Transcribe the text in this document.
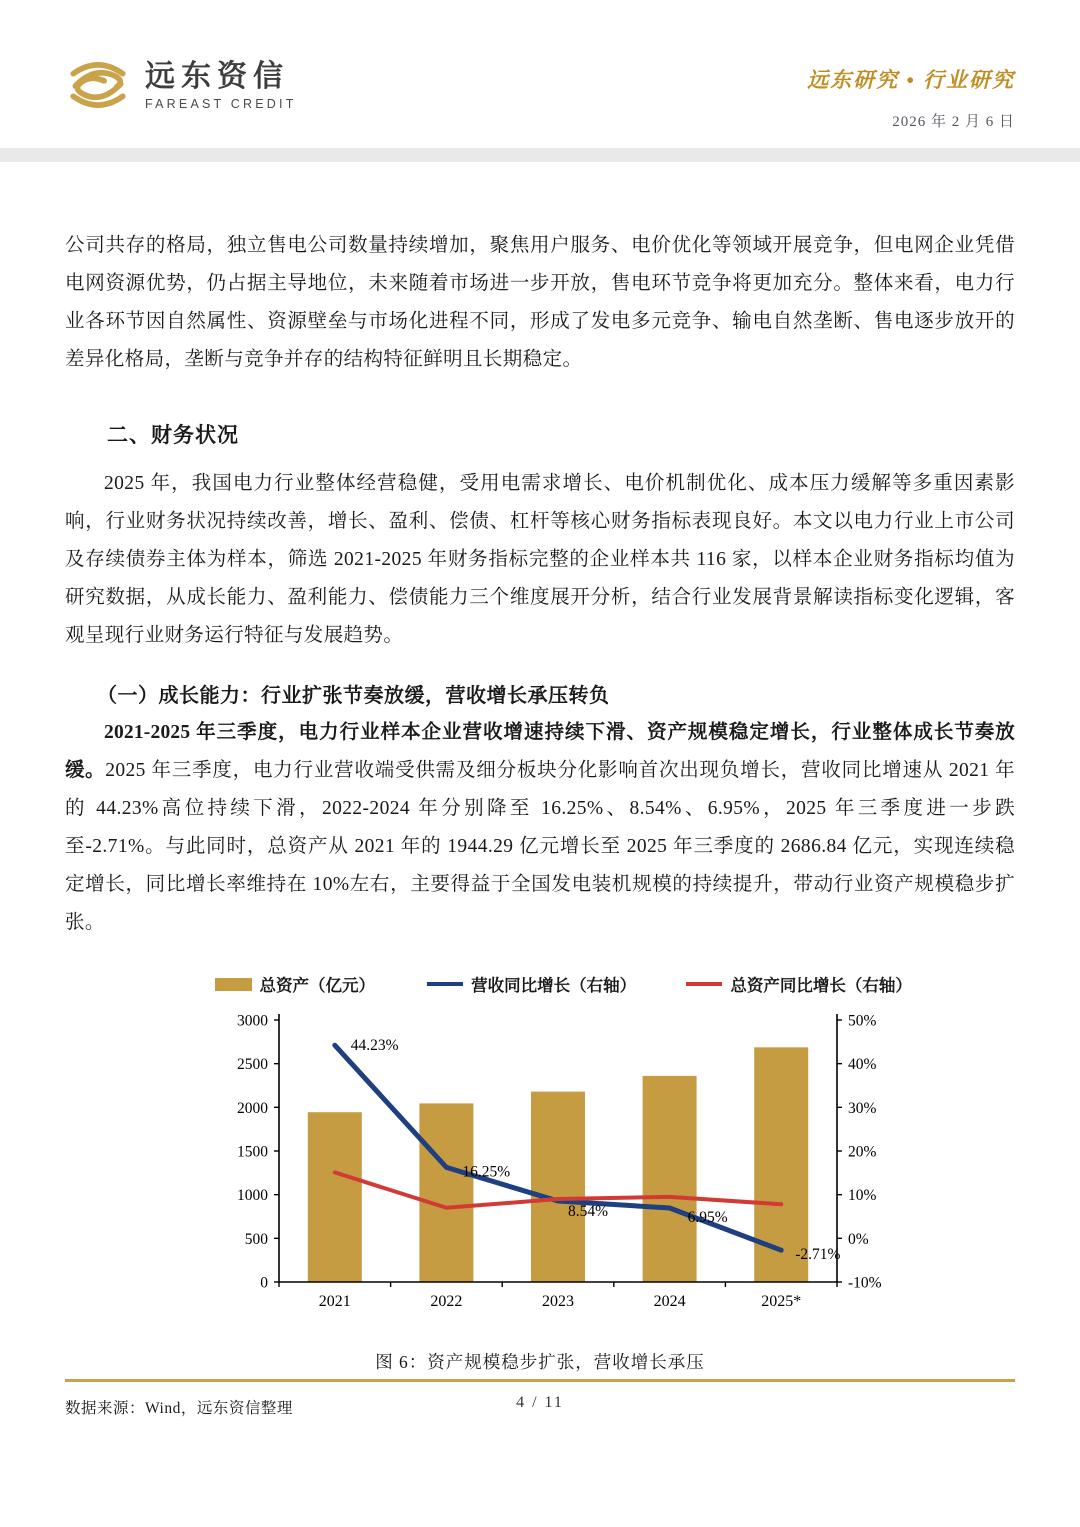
远东资信
FAREAST CREDIT
远东研究 • 行业研究
2026 年 2 月 6 日

公司共存的格局，独立售电公司数量持续增加，聚焦用户服务、电价优化等领域开展竞争，但电网企业凭借电网资源优势，仍占据主导地位，未来随着市场进一步开放，售电环节竞争将更加充分。整体来看，电力行业各环节因自然属性、资源壁垒与市场化进程不同，形成了发电多元竞争、输电自然垄断、售电逐步放开的差异化格局，垄断与竞争并存的结构特征鲜明且长期稳定。

二、财务状况

2025 年，我国电力行业整体经营稳健，受用电需求增长、电价机制优化、成本压力缓解等多重因素影响，行业财务状况持续改善，增长、盈利、偿债、杠杆等核心财务指标表现良好。本文以电力行业上市公司及存续债券主体为样本，筛选 2021-2025 年财务指标完整的企业样本共 116 家，以样本企业财务指标均值为研究数据，从成长能力、盈利能力、偿债能力三个维度展开分析，结合行业发展背景解读指标变化逻辑，客观呈现行业财务运行特征与发展趋势。

（一）成长能力：行业扩张节奏放缓，营收增长承压转负

2021-2025 年三季度，电力行业样本企业营收增速持续下滑、资产规模稳定增长，行业整体成长节奏放缓。2025 年三季度，电力行业营收端受供需及细分板块分化影响首次出现负增长，营收同比增速从 2021 年的 44.23%高位持续下滑，2022-2024 年分别降至 16.25%、8.54%、6.95%，2025 年三季度进一步跌至-2.71%。与此同时，总资产从 2021 年的 1944.29 亿元增长至 2025 年三季度的 2686.84 亿元，实现连续稳定增长，同比增长率维持在 10%左右，主要得益于全国发电装机规模的持续提升，带动行业资产规模稳步扩张。

总资产（亿元）	营收同比增长（右轴）	总资产同比增长（右轴）
0
500
1000
1500
2000
2500
3000
-10%
0%
10%
20%
30%
40%
50%
2021	2022	2023	2024	2025*
44.23%
16.25%
8.54%	6.95%
-2.71%
图 6：资产规模稳步扩张，营收增长承压
数据来源：Wind，远东资信整理	4 / 11
